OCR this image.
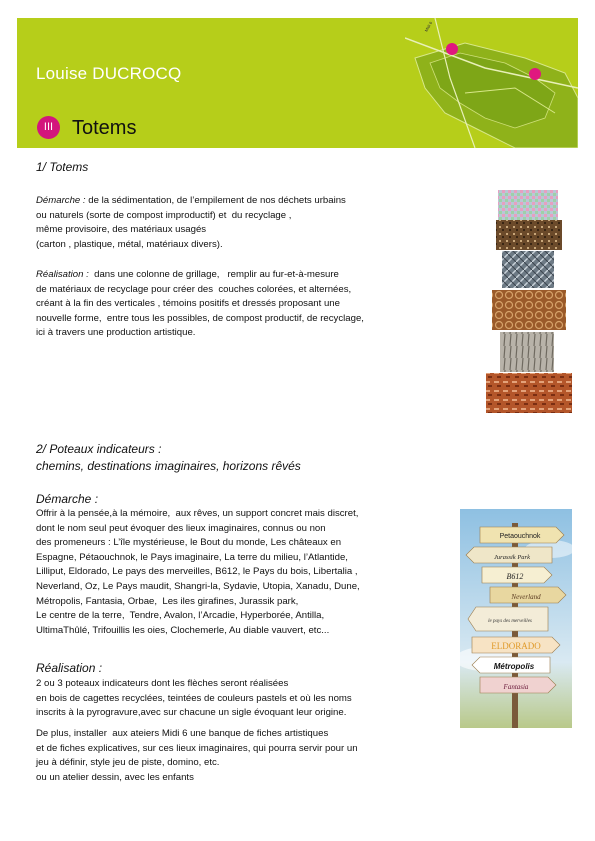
Midi 6
Louise DUCROCQ
III Totems
1/ Totems
Démarche : de la sédimentation, de l’empilement de nos déchets urbains
ou naturels (sorte de compost improductif) et  du recyclage ,
même provisoire, des matériaux usagés
(carton , plastique, métal, matériaux divers).
Réalisation :  dans une colonne de grillage,   remplir au fur-et-à-mesure
de matériaux de recyclage pour créer des  couches colorées, et alternées,
créant à la fin des verticales , témoins positifs et dressés proposant une
nouvelle forme,  entre tous les possibles, de compost productif, de recyclage,
ici à travers une production artistique.
2/ Poteaux indicateurs :
chemins, destinations imaginaires, horizons rêvés
Démarche :
Offrir à la pensée,à la mémoire,  aux rêves, un support concret mais discret,
dont le nom seul peut évoquer des lieux imaginaires, connus ou non
des promeneurs : L’île mystérieuse, le Bout du monde, Les châteaux en
Espagne, Pétaouchnok, le Pays imaginaire, La terre du milieu, l’Atlantide,
Lilliput, Eldorado, Le pays des merveilles, B612, le Pays du bois, Libertalia ,
Neverland, Oz, Le Pays maudit, Shangri-la, Sydavie, Utopia, Xanadu, Dune,
Métropolis, Fantasia, Orbae,  Les iles girafines, Jurassik park,
Le centre de la terre,  Tendre, Avalon, l’Arcadie, Hyperborée, Antilla,
UltimaThûlé, Trifouillis les oies, Clochemerle, Au diable vauvert, etc...
Réalisation :
2 ou 3 poteaux indicateurs dont les flèches seront réalisées
en bois de cagettes recyclées, teintées de couleurs pastels et où les noms
inscrits à la pyrogravure,avec sur chacune un sigle évoquant leur origine.
De plus, installer  aux ateiers Midi 6 une banque de fiches artistiques
et de fiches explicatives, sur ces lieux imaginaires, qui pourra servir pour un
jeu à définir, style jeu de piste, domino, etc.
ou un atelier dessin, avec les enfants
Petaouchnok
Jurassik Park
B612
Neverland
le pays des merveilles
ELDORADO
Métropolis
Fantasia
